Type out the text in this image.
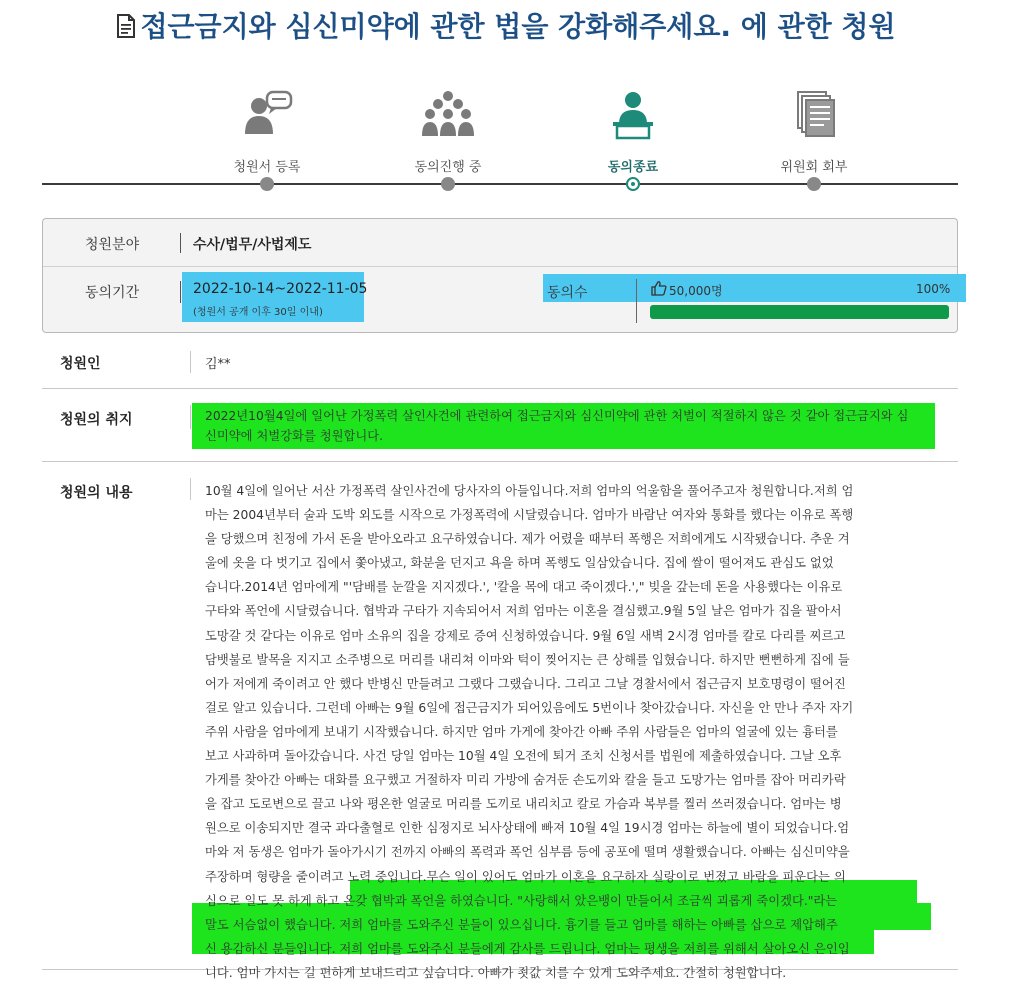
접근금지와 심신미약에 관한 법을 강화해주세요. 에 관한 청원
청원서 등록	동의진행 중	동의종료	위원회 회부
청원분야	수사/법무/사법제도
동의기간	2022-10-14~2022-11-05
(청원서 공개 이후 30일 이내)
동의수	50,000명	100%
청원인	김**
청원의 취지	2022년10월4일에 일어난 가정폭력 살인사건에 관련하여 접근금지와 심신미약에 관한 처벌이 적절하지 않은 것 같아 접근금지와 심
신미약에 처벌강화를 청원합니다.
청원의 내용	10월 4일에 일어난 서산 가정폭력 살인사건에 당사자의 아들입니다.저희 엄마의 억울함을 풀어주고자 청원합니다.저희 엄
마는 2004년부터 술과 도박 외도를 시작으로 가정폭력에 시달렸습니다. 엄마가 바람난 여자와 통화를 했다는 이유로 폭행
을 당했으며 친정에 가서 돈을 받아오라고 요구하였습니다. 제가 어렸을 때부터 폭행은 저희에게도 시작됐습니다. 추운 겨
울에 옷을 다 벗기고 집에서 쫓아냈고, 화분을 던지고 욕을 하며 폭행도 일삼았습니다. 집에 쌀이 떨어져도 관심도 없었
습니다.2014년 엄마에게 "'담배를 눈깔을 지지겠다.', '칼을 목에 대고 죽이겠다.'," 빚을 갚는데 돈을 사용했다는 이유로
구타와 폭언에 시달렸습니다. 협박과 구타가 지속되어서 저희 엄마는 이혼을 결심했고.9월 5일 날은 엄마가 집을 팔아서
도망갈 것 같다는 이유로 엄마 소유의 집을 강제로 증여 신청하였습니다. 9월 6일 새벽 2시경 엄마를 칼로 다리를 찌르고
담뱃불로 발목을 지지고 소주병으로 머리를 내리쳐 이마와 턱이 찢어지는 큰 상해를 입혔습니다. 하지만 뻔뻔하게 집에 들
어가 저에게 죽이려고 안 했다 반병신 만들려고 그랬다 그랬습니다. 그리고 그날 경찰서에서 접근금지 보호명령이 떨어진
걸로 알고 있습니다. 그런데 아빠는 9월 6일에 접근금지가 되어있음에도 5번이나 찾아갔습니다. 자신을 안 만나 주자 자기
주위 사람을 엄마에게 보내기 시작했습니다. 하지만 엄마 가게에 찾아간 아빠 주위 사람들은 엄마의 얼굴에 있는 흉터를
보고 사과하며 돌아갔습니다. 사건 당일 엄마는 10월 4일 오전에 퇴거 조치 신청서를 법원에 제출하였습니다. 그날 오후
가게를 찾아간 아빠는 대화를 요구했고 거절하자 미리 가방에 숨겨둔 손도끼와 칼을 들고 도망가는 엄마를 잡아 머리카락
을 잡고 도로변으로 끌고 나와 평온한 얼굴로 머리를 도끼로 내리치고 칼로 가슴과 복부를 찔러 쓰러졌습니다. 엄마는 병
원으로 이송되지만 결국 과다출혈로 인한 심정지로 뇌사상태에 빠져 10월 4일 19시경 엄마는 하늘에 별이 되었습니다.엄
마와 저 동생은 엄마가 돌아가시기 전까지 아빠의 폭력과 폭언 심부름 등에 공포에 떨며 생활했습니다. 아빠는 심신미약을
주장하며 형량을 줄이려고 노력 중입니다.무슨 일이 있어도 엄마가 이혼을 요구하자 실랑이로 번졌고 바람을 피운다는 의
심으로 일도 못 하게 하고 온갖 협박과 폭언을 하였습니다. "사랑해서 았은뱅이 만들어서 조금씩 괴롭게 죽이겠다."라는
말도 서슴없이 했습니다. 저희 엄마를 도와주신 분들이 있으십니다. 흉기를 들고 엄마를 해하는 아빠를 삽으로 제압해주
신 용감하신 분들입니다. 저희 엄마를 도와주신 분들에게 감사를 드립니다. 엄마는 평생을 저희를 위해서 살아오신 은인입
니다. 엄마 가시는 길 편하게 보내드리고 싶습니다. 아빠가 죗값 치를 수 있게 도와주세요. 간절히 청원합니다.
